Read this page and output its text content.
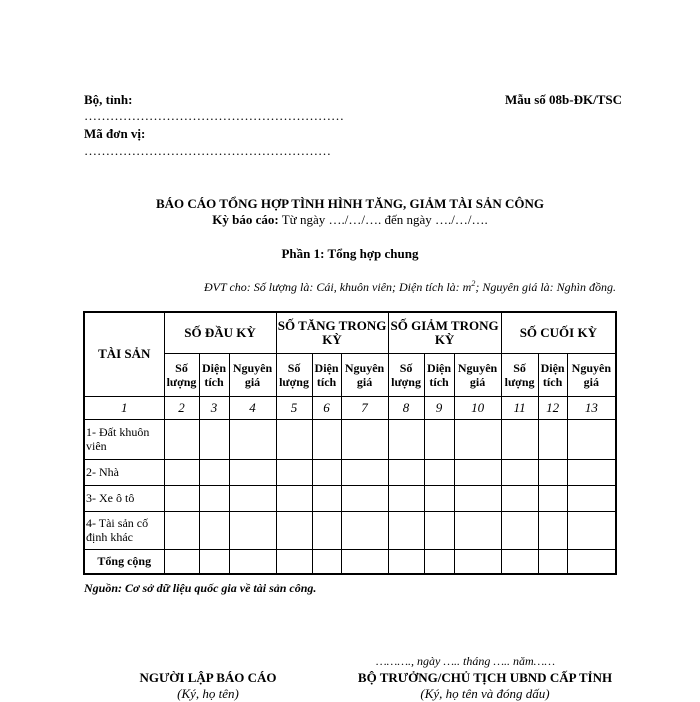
Bộ, tỉnh:
……………………………………………………
Mã đơn vị:
…………………………………………………
Mẫu số 08b-ĐK/TSC
BÁO CÁO TỔNG HỢP TÌNH HÌNH TĂNG, GIẢM TÀI SẢN CÔNG
Kỳ báo cáo: Từ ngày …./…/…. đến ngày …./…/….
Phần 1: Tổng hợp chung
ĐVT cho: Số lượng là: Cái, khuôn viên; Diện tích là: $m^2$; Nguyên giá là: Nghìn đồng.
TÀI SẢN	SỐ ĐẦU KỲ			SỐ TĂNG TRONG KỲ			SỐ GIẢM TRONG KỲ			SỐ CUỐI KỲ		
	Số lượng	Diện tích	Nguyên giá	Số lượng	Diện tích	Nguyên giá	Số lượng	Diện tích	Nguyên giá	Số lượng	Diện tích	Nguyên giá
1	2	3	4	5	6	7	8	9	10	11	12	13
1- Đất khuôn viên												
2- Nhà												
3- Xe ô tô												
4- Tài sản cố định khác												
Tổng cộng												
Nguồn: Cơ sở dữ liệu quốc gia về tài sản công.
………., ngày ….. tháng ….. năm……
NGƯỜI LẬP BÁO CÁO
(Ký, họ tên)
BỘ TRƯỞNG/CHỦ TỊCH UBND CẤP TỈNH
(Ký, họ tên và đóng dấu)
